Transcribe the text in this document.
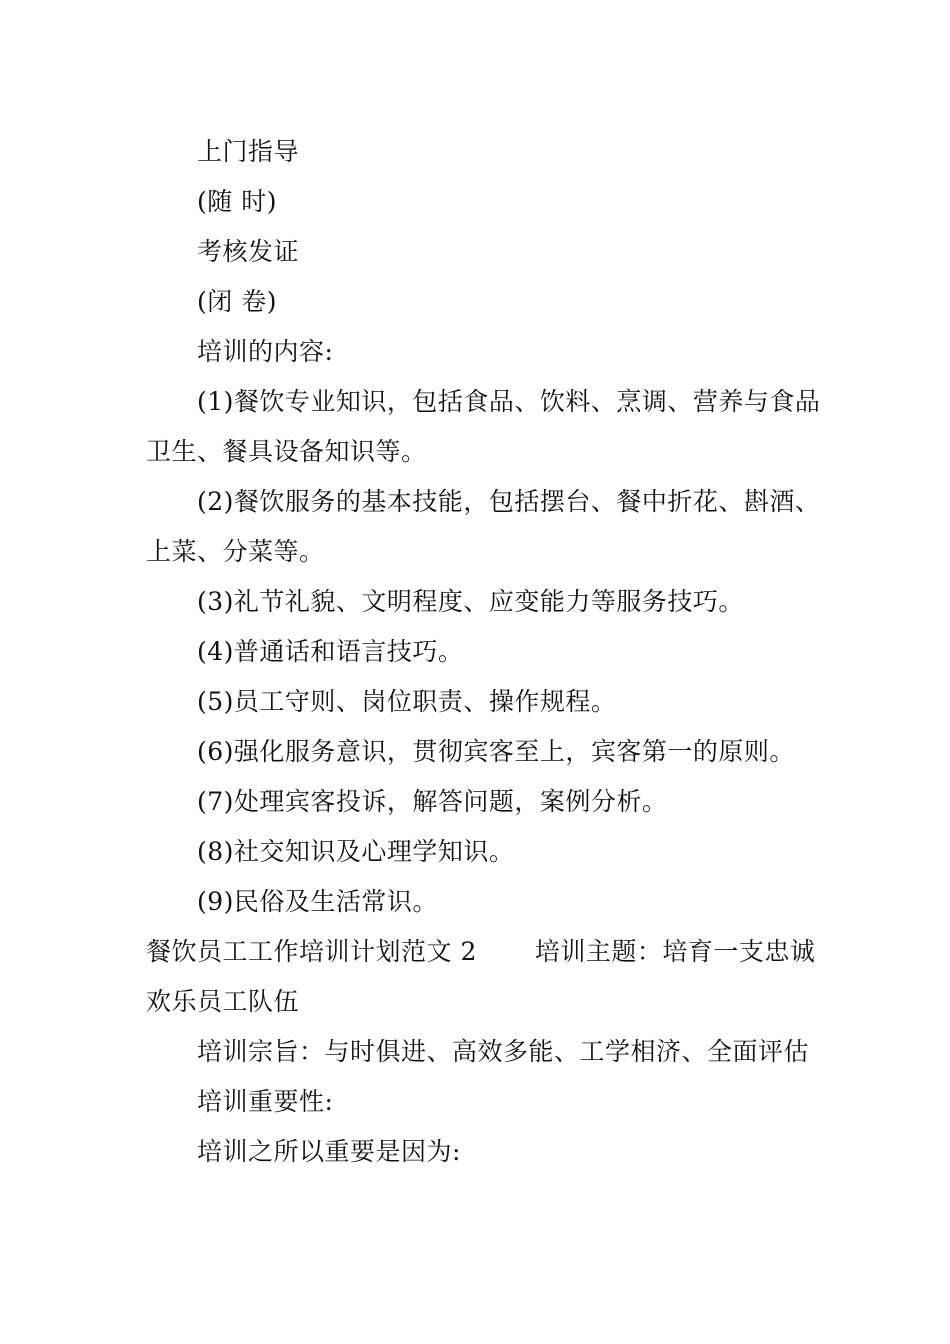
上门指导

(随 时)

考核发证

(闭 卷)

培训的内容:

(1)餐饮专业知识，包括食品、饮料、烹调、营养与食品卫生、餐具设备知识等。

(2)餐饮服务的基本技能，包括摆台、餐中折花、斟酒、上菜、分菜等。

(3)礼节礼貌、文明程度、应变能力等服务技巧。

(4)普通话和语言技巧。

(5)员工守则、岗位职责、操作规程。

(6)强化服务意识，贯彻宾客至上，宾客第一的原则。

(7)处理宾客投诉，解答问题，案例分析。

(8)社交知识及心理学知识。

(9)民俗及生活常识。

餐饮员工工作培训计划范文 2 培训主题：培育一支忠诚欢乐员工队伍

培训宗旨：与时俱进、高效多能、工学相济、全面评估

培训重要性:

培训之所以重要是因为:
